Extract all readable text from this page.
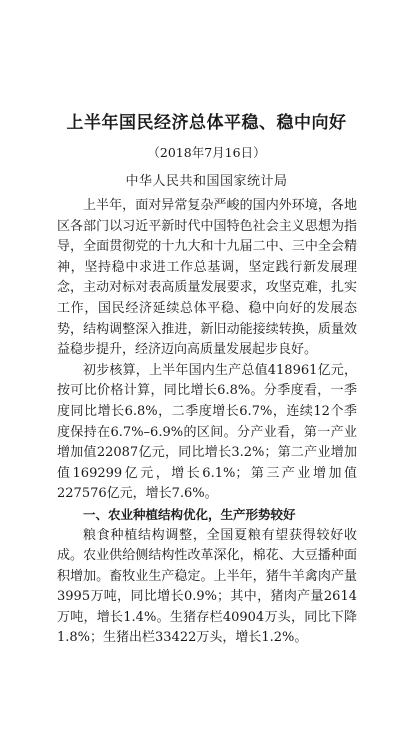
上半年国民经济总体平稳、稳中向好
（2018年7月16日）
中华人民共和国国家统计局

上半年，面对异常复杂严峻的国内外环境，各地区各部门以习近平新时代中国特色社会主义思想为指导，全面贯彻党的十九大和十九届二中、三中全会精神，坚持稳中求进工作总基调，坚定践行新发展理念，主动对标对表高质量发展要求，攻坚克难，扎实工作，国民经济延续总体平稳、稳中向好的发展态势，结构调整深入推进，新旧动能接续转换，质量效益稳步提升，经济迈向高质量发展起步良好。

初步核算，上半年国内生产总值418961亿元，按可比价格计算，同比增长6.8%。分季度看，一季度同比增长6.8%，二季度增长6.7%，连续12个季度保持在6.7%–6.9%的区间。分产业看，第一产业增加值22087亿元，同比增长3.2%；第二产业增加值169299亿元，增长6.1%；第三产业增加值227576亿元，增长7.6%。

一、农业种植结构优化，生产形势较好

粮食种植结构调整，全国夏粮有望获得较好收成。农业供给侧结构性改革深化，棉花、大豆播种面积增加。畜牧业生产稳定。上半年，猪牛羊禽肉产量3995万吨，同比增长0.9%；其中，猪肉产量2614万吨，增长1.4%。生猪存栏40904万头，同比下降1.8%；生猪出栏33422万头，增长1.2%。
